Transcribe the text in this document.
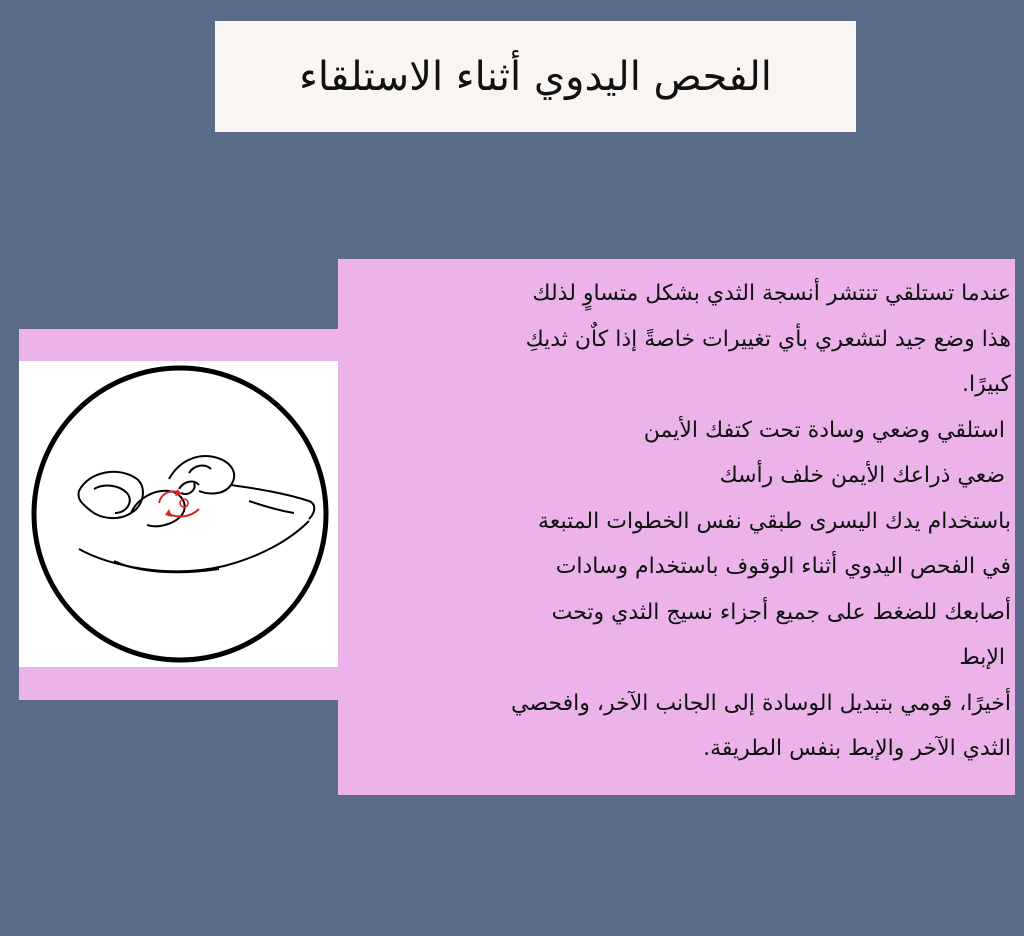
الفحص اليدوي أثناء الاستلقاء
عندما تستلقي تنتشر أنسجة الثدي بشكل متساوٍ لذلك
هذا وضع جيد لتشعري بأي تغييرات خاصةً إذا كاٌن ثديكِ
كبيرًا.
استلقي وضعي وسادة تحت كتفك الأيمن
ضعي ذراعك الأيمن خلف رأسك
باستخدام يدك اليسرى طبقي نفس الخطوات المتبعة
في الفحص اليدوي أثناء الوقوف باستخدام وسادات
أصابعك للضغط على جميع أجزاء نسيج الثدي وتحت
الإبط
أخيرًا، قومي بتبديل الوسادة إلى الجانب الآخر، وافحصي
الثدي الآخر والإبط بنفس الطريقة.
